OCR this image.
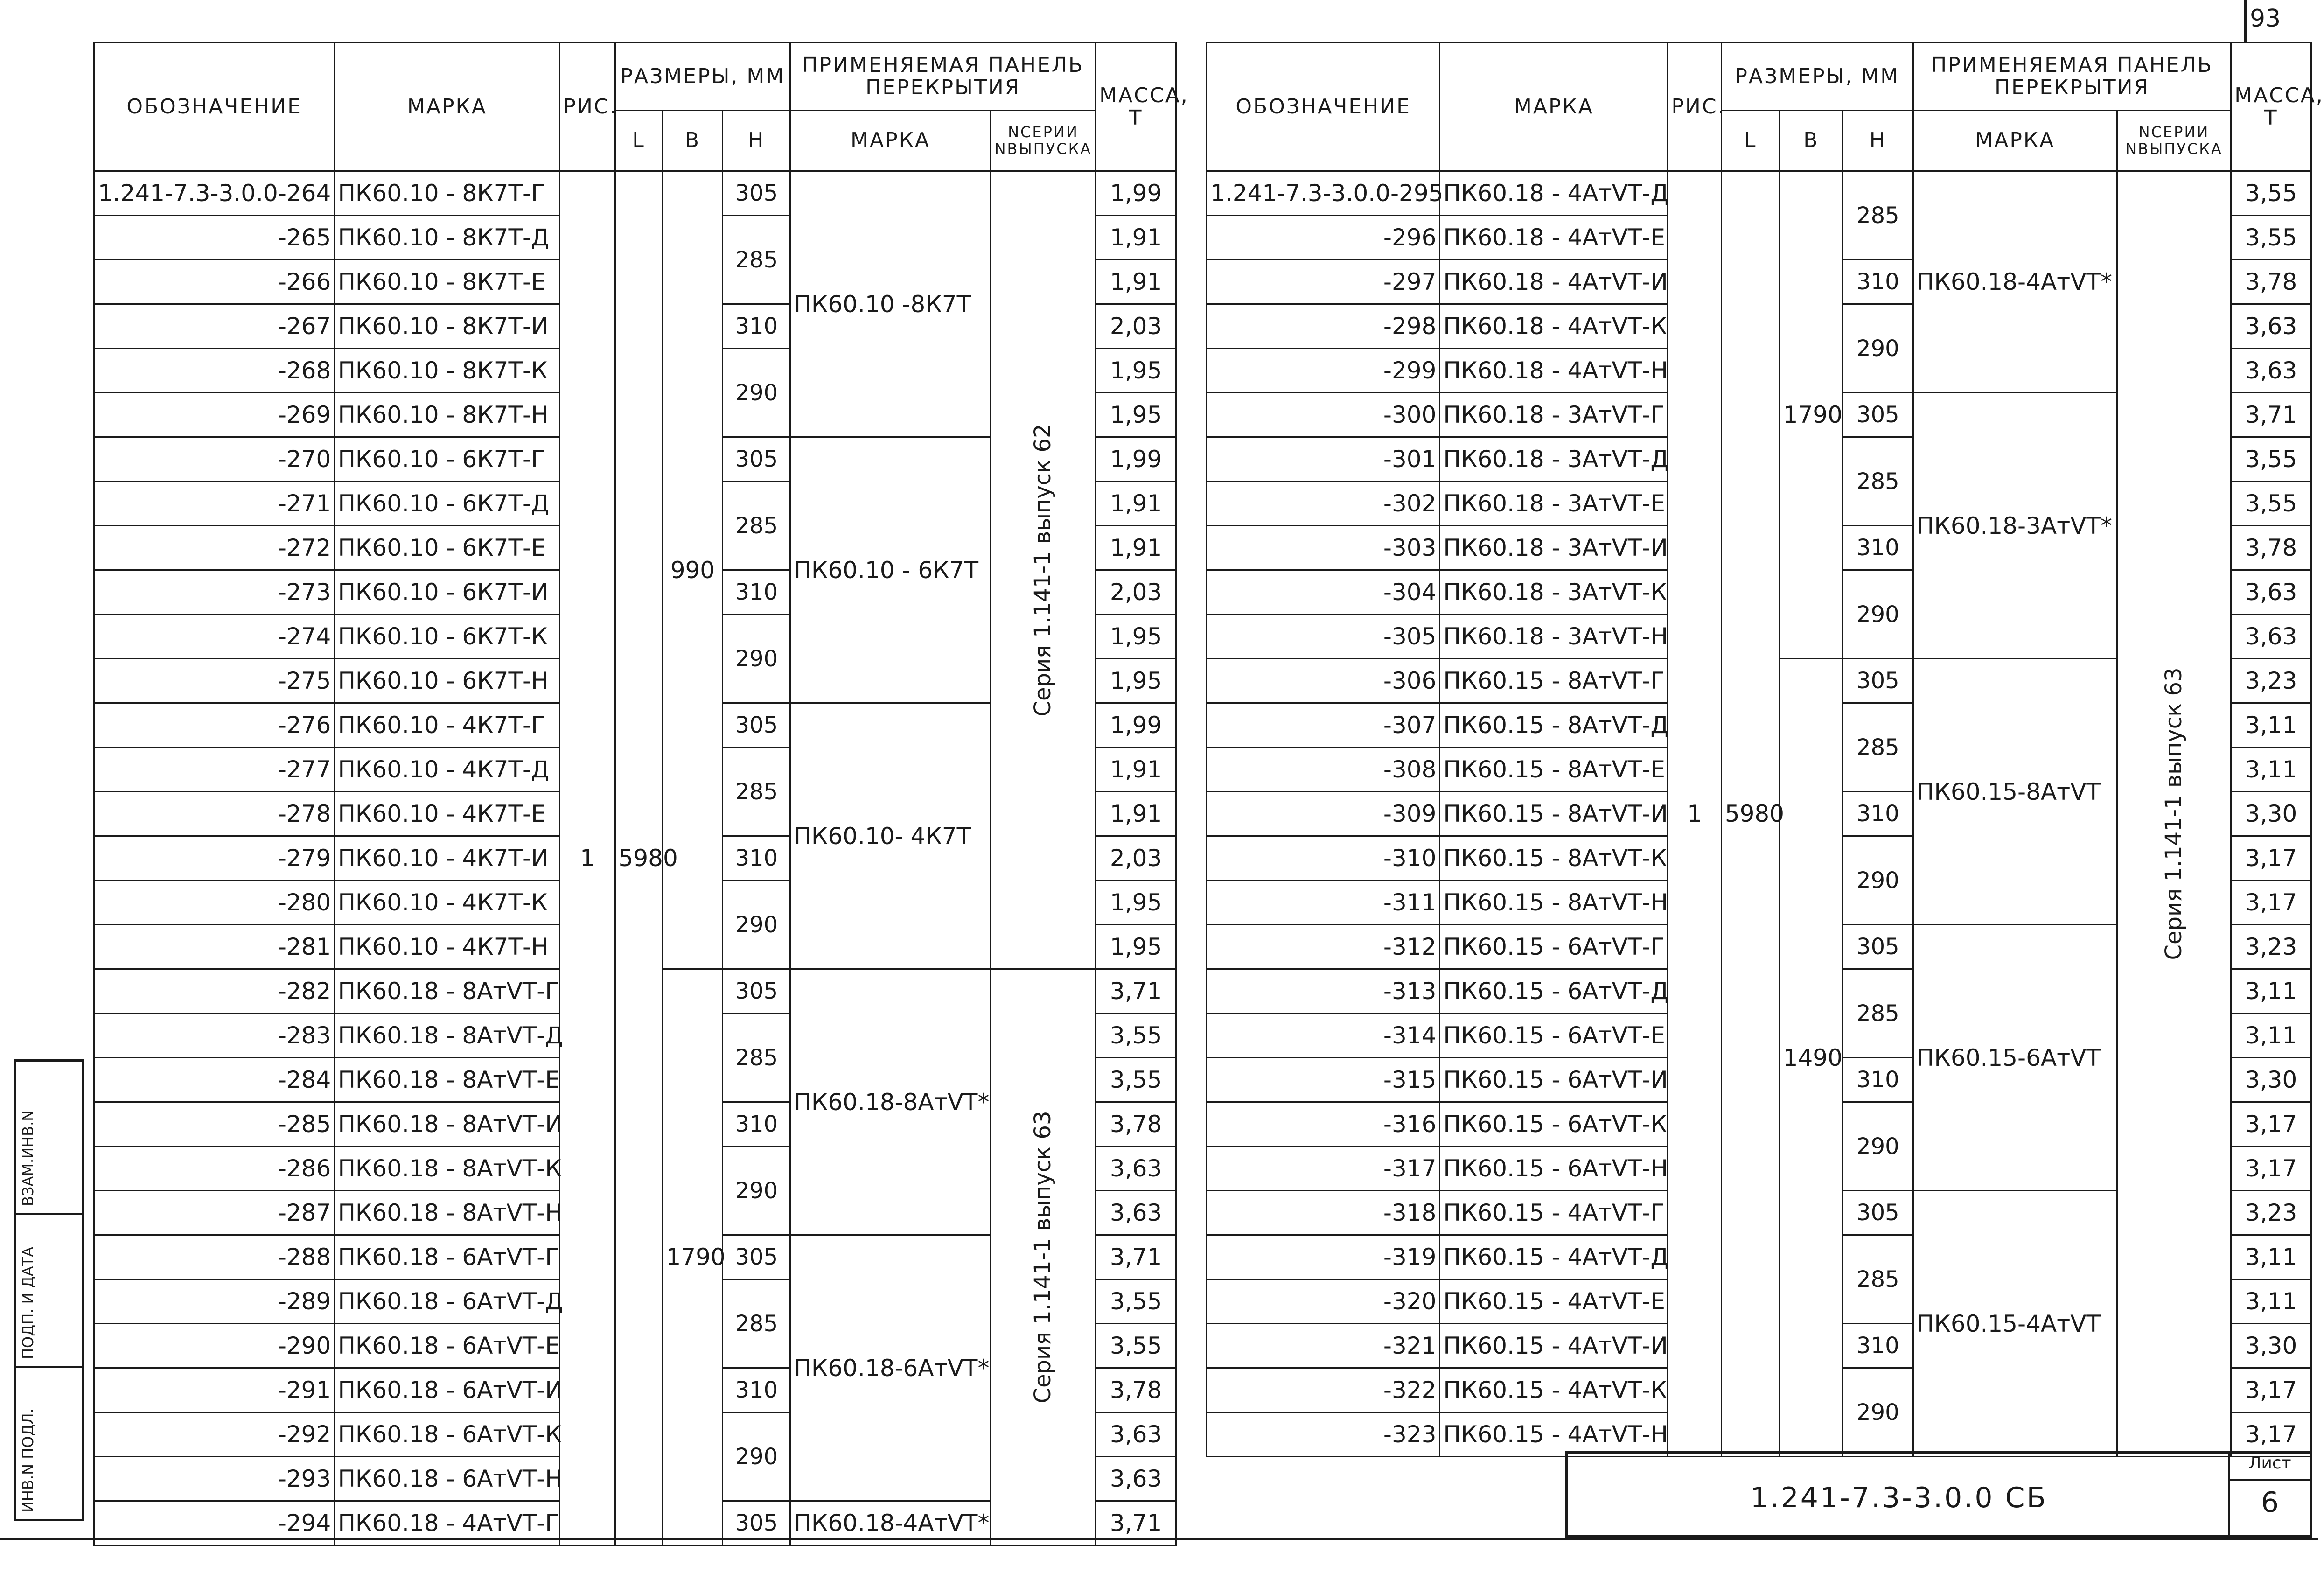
93
ВЗАМ.ИНВ.N
ПОДП. И ДАТА
ИНВ.N ПОДЛ.
ОБОЗНАЧЕНИЕ	МАРКА	РИС.	РАЗМЕРЫ, ММ			ПРИМЕНЯЕМАЯ ПАНЕЛЬ ПЕРЕКРЫТИЯ		МАССА, Т
			L	B	H	МАРКА	NСЕРИИ NВЫПУСКА	
1.241-7.3-3.0.0-264	ПК60.10 - 8К7Т-Г	1	5980	990	305	ПК60.10 -8К7Т	Серия 1.141-1 выпуск 62	1,99
-265	ПК60.10 - 8К7Т-Д				285			1,91
-266	ПК60.10 - 8К7Т-Е							1,91
-267	ПК60.10 - 8К7Т-И				310			2,03
-268	ПК60.10 - 8К7Т-К				290			1,95
-269	ПК60.10 - 8К7Т-Н							1,95
-270	ПК60.10 - 6К7Т-Г				305	ПК60.10 - 6К7Т		1,99
-271	ПК60.10 - 6К7Т-Д				285			1,91
-272	ПК60.10 - 6К7Т-Е							1,91
-273	ПК60.10 - 6К7Т-И				310			2,03
-274	ПК60.10 - 6К7Т-К				290			1,95
-275	ПК60.10 - 6К7Т-Н							1,95
-276	ПК60.10 - 4К7Т-Г				305	ПК60.10- 4К7Т		1,99
-277	ПК60.10 - 4К7Т-Д				285			1,91
-278	ПК60.10 - 4К7Т-Е							1,91
-279	ПК60.10 - 4К7Т-И				310			2,03
-280	ПК60.10 - 4К7Т-К				290			1,95
-281	ПК60.10 - 4К7Т-Н							1,95
-282	ПК60.18 - 8АтⅤТ-Г			1790	305	ПК60.18-8АтⅤТ*	Серия 1.141-1 выпуск 63	3,71
-283	ПК60.18 - 8АтⅤТ-Д				285			3,55
-284	ПК60.18 - 8АтⅤТ-Е							3,55
-285	ПК60.18 - 8АтⅤТ-И				310			3,78
-286	ПК60.18 - 8АтⅤТ-К				290			3,63
-287	ПК60.18 - 8АтⅤТ-Н							3,63
-288	ПК60.18 - 6АтⅤТ-Г				305	ПК60.18-6АтⅤТ*		3,71
-289	ПК60.18 - 6АтⅤТ-Д				285			3,55
-290	ПК60.18 - 6АтⅤТ-Е							3,55
-291	ПК60.18 - 6АтⅤТ-И				310			3,78
-292	ПК60.18 - 6АтⅤТ-К				290			3,63
-293	ПК60.18 - 6АтⅤТ-Н							3,63
-294	ПК60.18 - 4АтⅤТ-Г				305	ПК60.18-4АтⅤТ*		3,71
ОБОЗНАЧЕНИЕ	МАРКА	РИС.	РАЗМЕРЫ, ММ			ПРИМЕНЯЕМАЯ ПАНЕЛЬ ПЕРЕКРЫТИЯ		МАССА, Т
			L	B	H	МАРКА	NСЕРИИ NВЫПУСКА	
1.241-7.3-3.0.0-295	ПК60.18 - 4АтⅤТ-Д	1	5980	1790	285	ПК60.18-4АтⅤТ*	Серия 1.141-1 выпуск 63	3,55
-296	ПК60.18 - 4АтⅤТ-Е							3,55
-297	ПК60.18 - 4АтⅤТ-И				310			3,78
-298	ПК60.18 - 4АтⅤТ-К				290			3,63
-299	ПК60.18 - 4АтⅤТ-Н							3,63
-300	ПК60.18 - 3АтⅤТ-Г				305	ПК60.18-3АтⅤТ*		3,71
-301	ПК60.18 - 3АтⅤТ-Д				285			3,55
-302	ПК60.18 - 3АтⅤТ-Е							3,55
-303	ПК60.18 - 3АтⅤТ-И				310			3,78
-304	ПК60.18 - 3АтⅤТ-К				290			3,63
-305	ПК60.18 - 3АтⅤТ-Н							3,63
-306	ПК60.15 - 8АтⅤТ-Г			1490	305	ПК60.15-8АтⅤТ		3,23
-307	ПК60.15 - 8АтⅤТ-Д				285			3,11
-308	ПК60.15 - 8АтⅤТ-Е							3,11
-309	ПК60.15 - 8АтⅤТ-И				310			3,30
-310	ПК60.15 - 8АтⅤТ-К				290			3,17
-311	ПК60.15 - 8АтⅤТ-Н							3,17
-312	ПК60.15 - 6АтⅤТ-Г				305	ПК60.15-6АтⅤТ		3,23
-313	ПК60.15 - 6АтⅤТ-Д				285			3,11
-314	ПК60.15 - 6АтⅤТ-Е							3,11
-315	ПК60.15 - 6АтⅤТ-И				310			3,30
-316	ПК60.15 - 6АтⅤТ-К				290			3,17
-317	ПК60.15 - 6АтⅤТ-Н							3,17
-318	ПК60.15 - 4АтⅤТ-Г				305	ПК60.15-4АтⅤТ		3,23
-319	ПК60.15 - 4АтⅤТ-Д				285			3,11
-320	ПК60.15 - 4АтⅤТ-Е							3,11
-321	ПК60.15 - 4АтⅤТ-И				310			3,30
-322	ПК60.15 - 4АтⅤТ-К				290			3,17
-323	ПК60.15 - 4АтⅤТ-Н							3,17
1.241-7.3-3.0.0 СБ
Лист
6
